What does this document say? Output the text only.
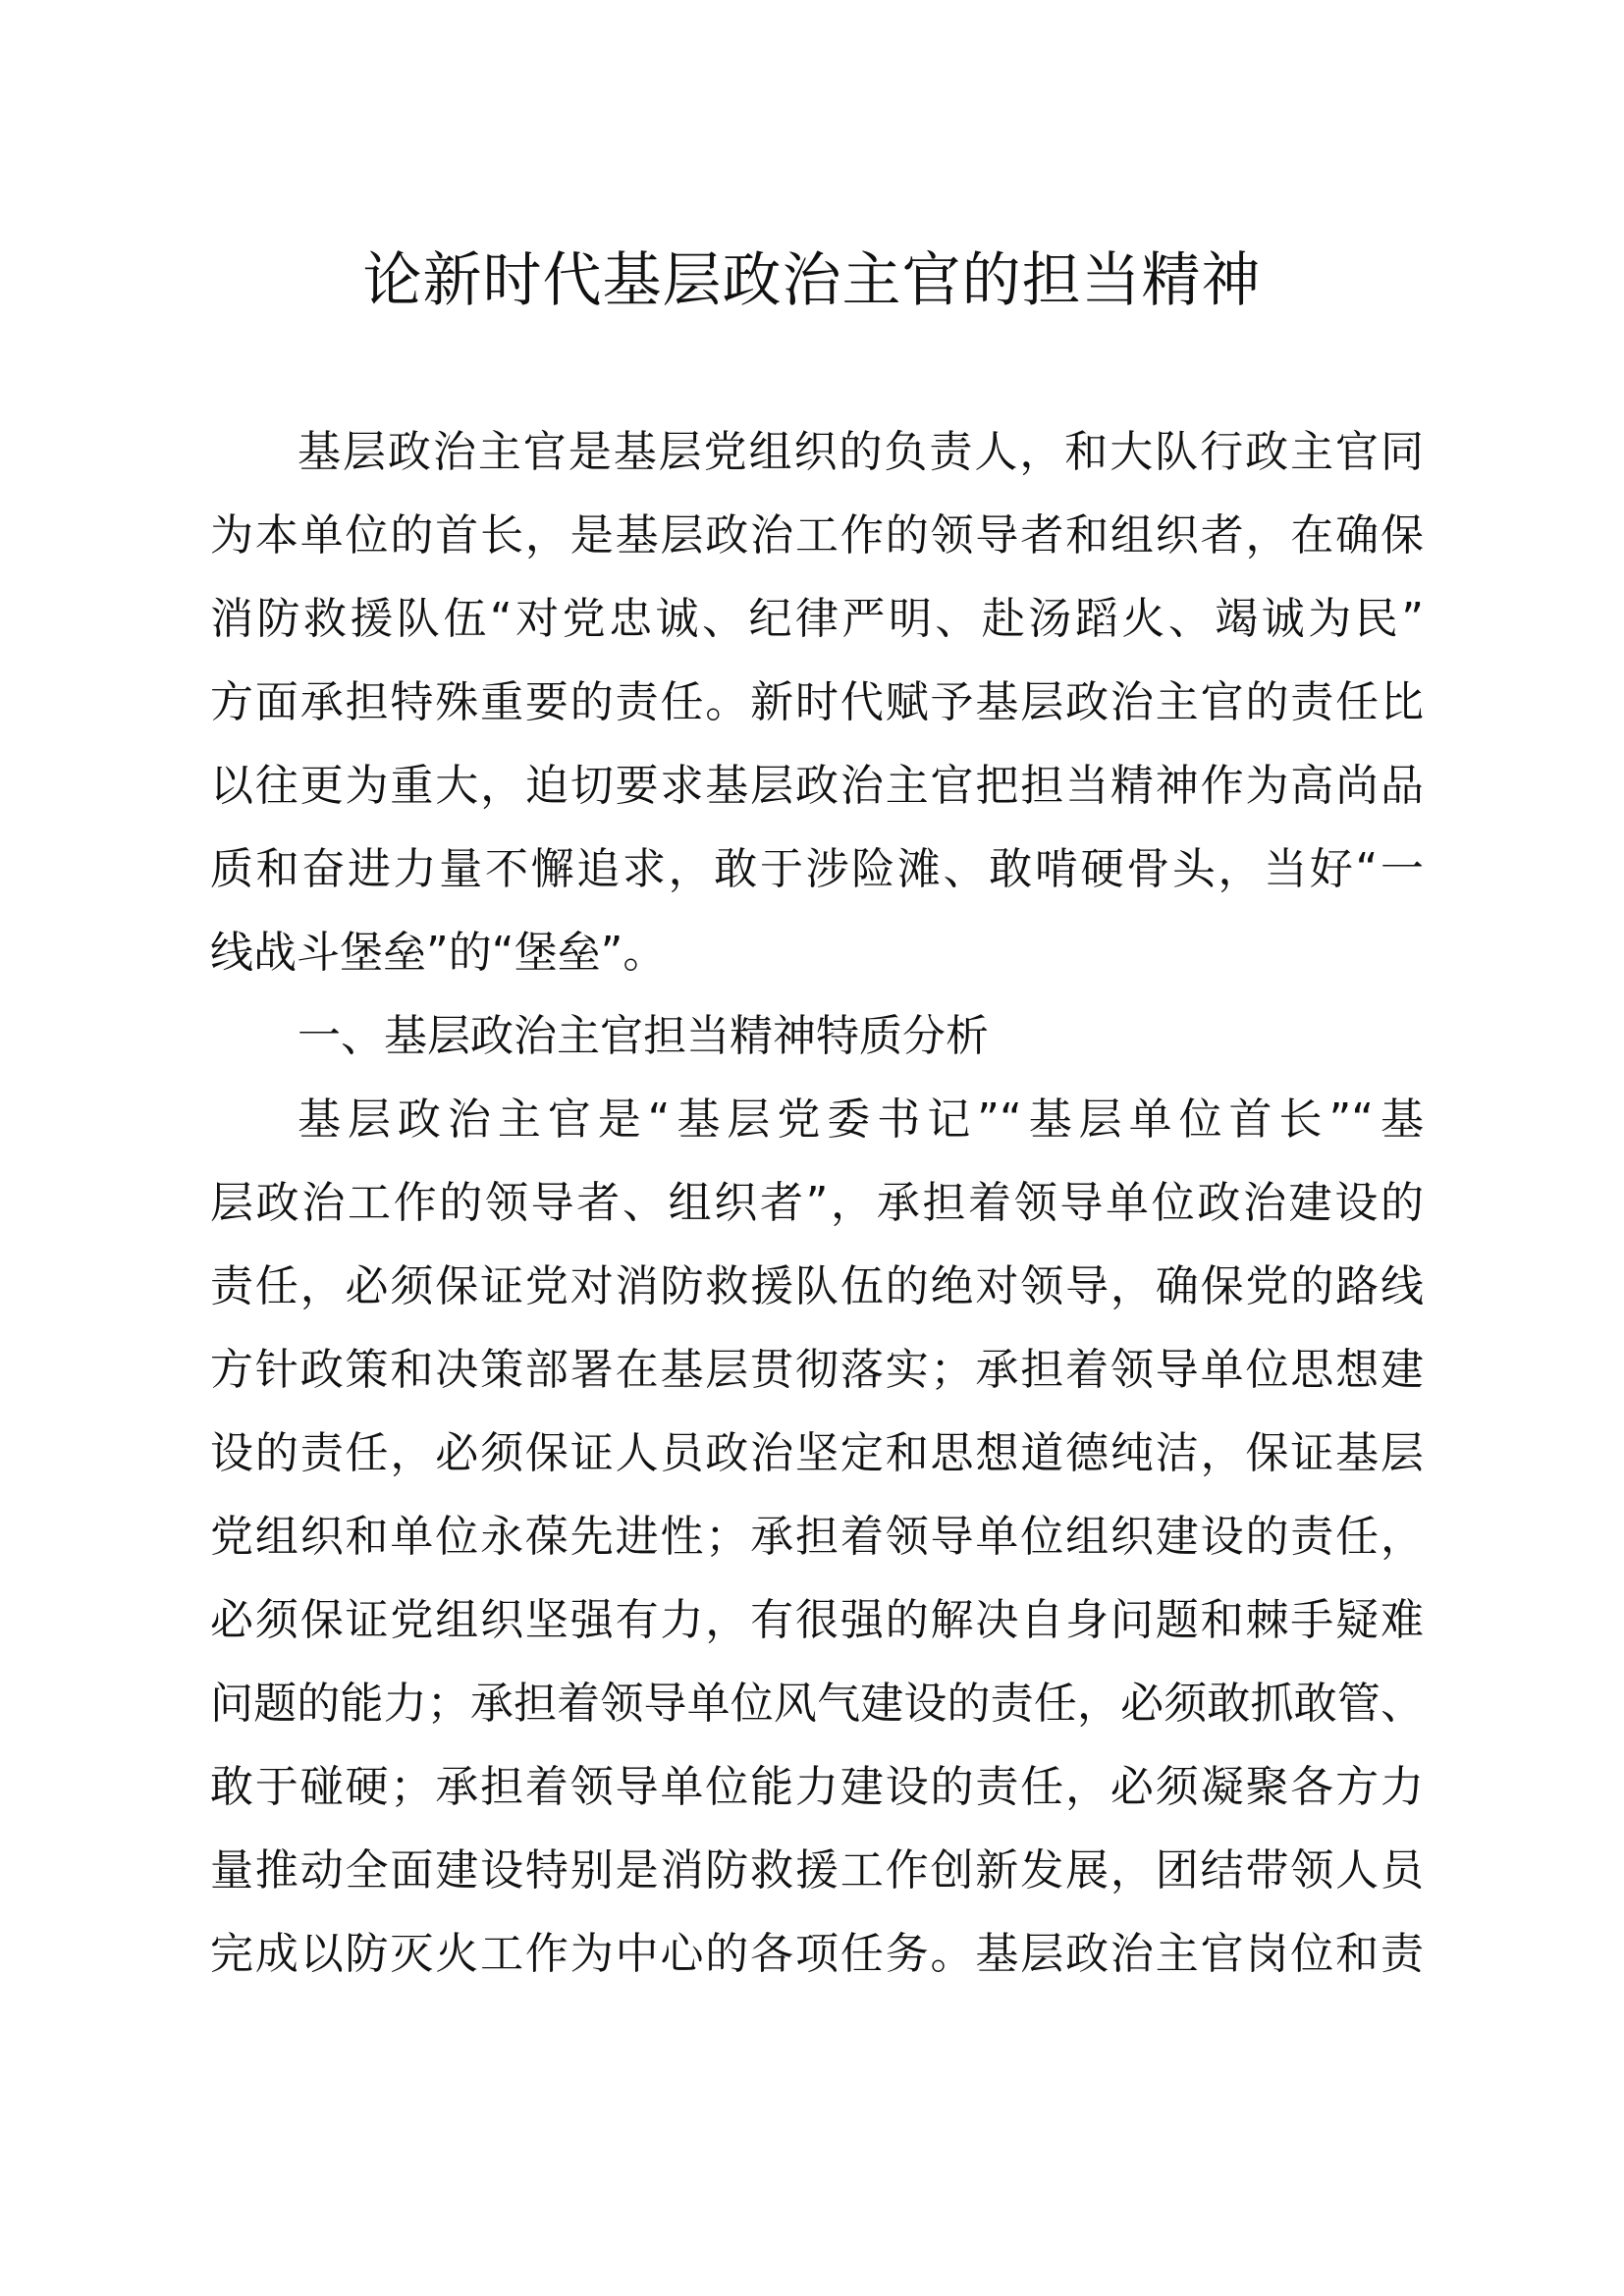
论新时代基层政治主官的担当精神
基层政治主官是基层党组织的负责人，和大队行政主官同
为本单位的首长，是基层政治工作的领导者和组织者，在确保
消防救援队伍“对党忠诚、纪律严明、赴汤蹈火、竭诚为民”
方面承担特殊重要的责任。新时代赋予基层政治主官的责任比
以往更为重大，迫切要求基层政治主官把担当精神作为高尚品
质和奋进力量不懈追求，敢于涉险滩、敢啃硬骨头，当好“一
线战斗堡垒”的“堡垒”。
一、基层政治主官担当精神特质分析
基层政治主官是“基层党委书记”“基层单位首长”“基
层政治工作的领导者、组织者”，承担着领导单位政治建设的
责任，必须保证党对消防救援队伍的绝对领导，确保党的路线
方针政策和决策部署在基层贯彻落实；承担着领导单位思想建
设的责任，必须保证人员政治坚定和思想道德纯洁，保证基层
党组织和单位永葆先进性；承担着领导单位组织建设的责任，
必须保证党组织坚强有力，有很强的解决自身问题和棘手疑难
问题的能力；承担着领导单位风气建设的责任，必须敢抓敢管、
敢于碰硬；承担着领导单位能力建设的责任，必须凝聚各方力
量推动全面建设特别是消防救援工作创新发展，团结带领人员
完成以防灭火工作为中心的各项任务。基层政治主官岗位和责
